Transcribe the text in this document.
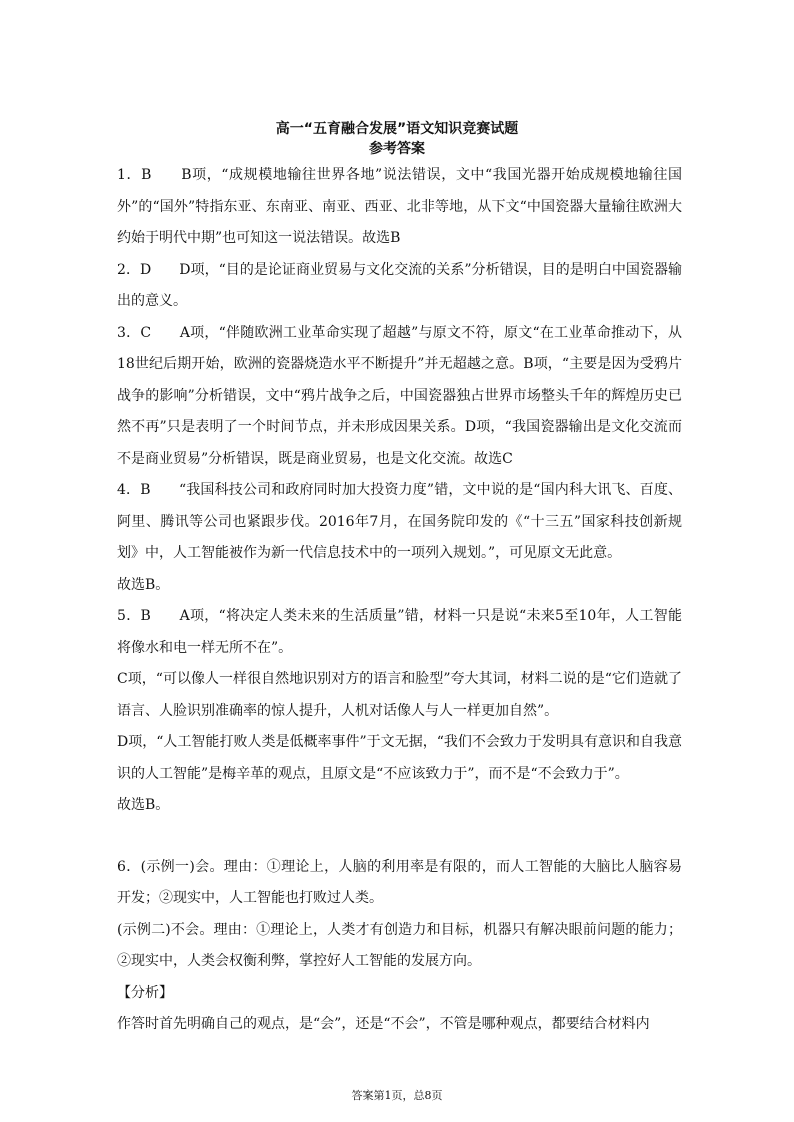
高一“五育融合发展”语文知识竞赛试题
参考答案

1．B　　B项，“成规模地输往世界各地”说法错误，文中“我国光器开始成规模地输往国外”的“国外”特指东亚、东南亚、南亚、西亚、北非等地，从下文“中国瓷器大量输往欧洲大约始于明代中期”也可知这一说法错误。故选B

2．D　　D项，“目的是论证商业贸易与文化交流的关系”分析错误，目的是明白中国瓷器输出的意义。

3．C　　A项，“伴随欧洲工业革命实现了超越”与原文不符，原文“在工业革命推动下，从18世纪后期开始，欧洲的瓷器烧造水平不断提升”并无超越之意。B项，“主要是因为受鸦片战争的影响”分析错误，文中“鸦片战争之后，中国瓷器独占世界市场整头千年的辉煌历史已然不再”只是表明了一个时间节点，并未形成因果关系。D项，“我国瓷器输出是文化交流而不是商业贸易”分析错误，既是商业贸易，也是文化交流。故选C

4．B　　“我国科技公司和政府同时加大投资力度”错，文中说的是“国内科大讯飞、百度、阿里、腾讯等公司也紧跟步伐。2016年7月，在国务院印发的《“十三五”国家科技创新规划》中，人工智能被作为新一代信息技术中的一项列入规划。”，可见原文无此意。

故选B。

5．B　　A项，“将决定人类未来的生活质量”错，材料一只是说“未来5至10年，人工智能将像水和电一样无所不在”。

C项，“可以像人一样很自然地识别对方的语言和脸型”夸大其词，材料二说的是“它们造就了语言、人脸识别准确率的惊人提升，人机对话像人与人一样更加自然”。

D项，“人工智能打败人类是低概率事件”于文无据，“我们不会致力于发明具有意识和自我意识的人工智能”是梅辛革的观点，且原文是“不应该致力于”，而不是“不会致力于”。

故选B。

6．(示例一)会。理由：①理论上，人脑的利用率是有限的，而人工智能的大脑比人脑容易开发；②现实中，人工智能也打败过人类。

(示例二)不会。理由：①理论上，人类才有创造力和目标，机器只有解决眼前问题的能力；②现实中，人类会权衡利弊，掌控好人工智能的发展方向。

【分析】

作答时首先明确自己的观点，是“会”，还是“不会”，不管是哪种观点，都要结合材料内

答案第1页，总8页
